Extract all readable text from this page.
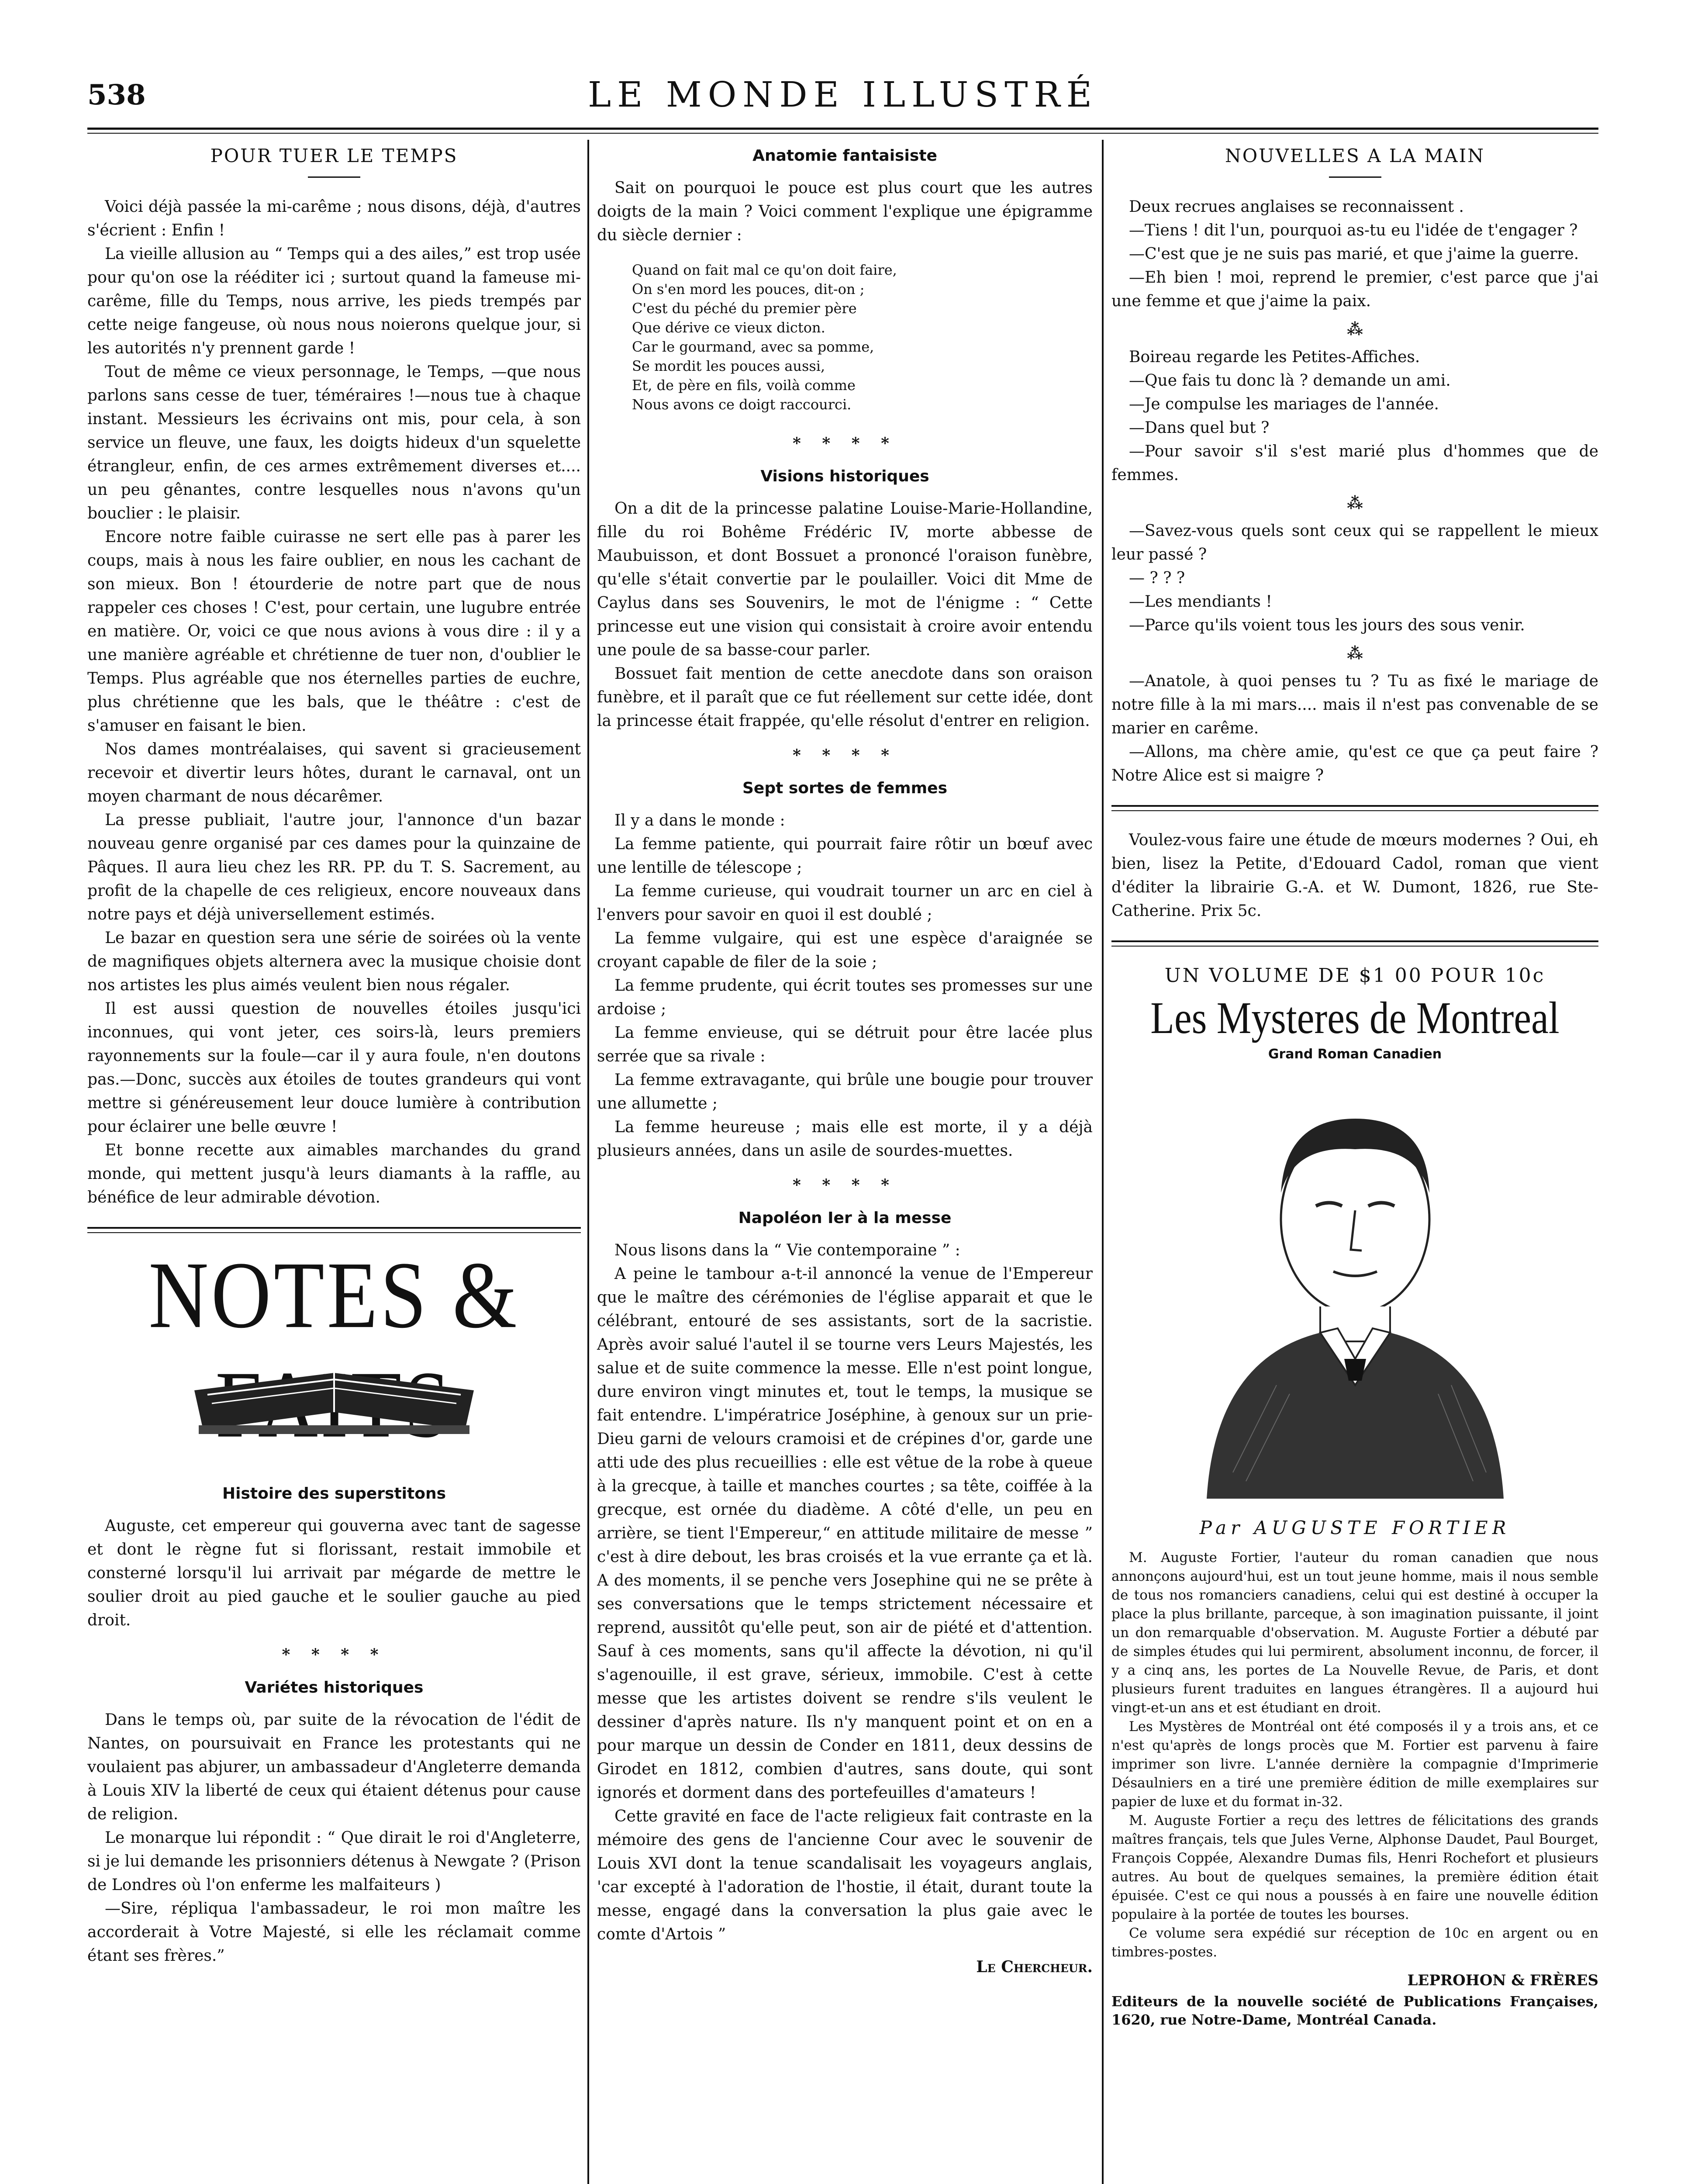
538	LE MONDE ILLUSTRÉ
POUR TUER LE TEMPS

Voici déjà passée la mi-carême ; nous disons, déjà, d'autres s'écrient : Enfin !

La vieille allusion au “ Temps qui a des ailes,” est trop usée pour qu'on ose la rééditer ici ; surtout quand la fameuse mi-carême, fille du Temps, nous arrive, les pieds trempés par cette neige fangeuse, où nous nous noierons quelque jour, si les autorités n'y prennent garde !

Tout de même ce vieux personnage, le Temps, —que nous parlons sans cesse de tuer, téméraires !—nous tue à chaque instant. Messieurs les écrivains ont mis, pour cela, à son service un fleuve, une faux, les doigts hideux d'un squelette étrangleur, enfin, de ces armes extrêmement diverses et.... un peu gênantes, contre lesquelles nous n'avons qu'un bouclier : le plaisir.

Encore notre faible cuirasse ne sert elle pas à parer les coups, mais à nous les faire oublier, en nous les cachant de son mieux. Bon ! étourderie de notre part que de nous rappeler ces choses ! C'est, pour certain, une lugubre entrée en matière. Or, voici ce que nous avions à vous dire : il y a une manière agréable et chrétienne de tuer non, d'oublier le Temps. Plus agréable que nos éternelles parties de euchre, plus chrétienne que les bals, que le théâtre : c'est de s'amuser en faisant le bien.

Nos dames montréalaises, qui savent si gracieusement recevoir et divertir leurs hôtes, durant le carnaval, ont un moyen charmant de nous décarêmer.

La presse publiait, l'autre jour, l'annonce d'un bazar nouveau genre organisé par ces dames pour la quinzaine de Pâques. Il aura lieu chez les RR. PP. du T. S. Sacrement, au profit de la chapelle de ces religieux, encore nouveaux dans notre pays et déjà universellement estimés.

Le bazar en question sera une série de soirées où la vente de magnifiques objets alternera avec la musique choisie dont nos artistes les plus aimés veulent bien nous régaler.

Il est aussi question de nouvelles étoiles jusqu'ici inconnues, qui vont jeter, ces soirs-là, leurs premiers rayonnements sur la foule—car il y aura foule, n'en doutons pas.—Donc, succès aux étoiles de toutes grandeurs qui vont mettre si généreusement leur douce lumière à contribution pour éclairer une belle œuvre !

Et bonne recette aux aimables marchandes du grand monde, qui mettent jusqu'à leurs diamants à la raffle, au bénéfice de leur admirable dévotion.

NOTES &
Histoire des superstitons

Auguste, cet empereur qui gouverna avec tant de sagesse et dont le règne fut si florissant, restait immobile et consterné lorsqu'il lui arrivait par mégarde de mettre le soulier droit au pied gauche et le soulier gauche au pied droit.

* * * *
Variétes historiques

Dans le temps où, par suite de la révocation de l'édit de Nantes, on poursuivait en France les protestants qui ne voulaient pas abjurer, un ambassadeur d'Angleterre demanda à Louis XIV la liberté de ceux qui étaient détenus pour cause de religion.

Le monarque lui répondit : “ Que dirait le roi d'Angleterre, si je lui demande les prisonniers détenus à Newgate ? (Prison de Londres où l'on enferme les malfaiteurs )

—Sire, répliqua l'ambassadeur, le roi mon maître les accorderait à Votre Majesté, si elle les réclamait comme étant ses frères.”

Anatomie fantaisiste

Sait on pourquoi le pouce est plus court que les autres doigts de la main ? Voici comment l'explique une épigramme du siècle dernier :

Quand on fait mal ce qu'on doit faire,
On s'en mord les pouces, dit-on ;
C'est du péché du premier père
Que dérive ce vieux dicton.
Car le gourmand, avec sa pomme,
Se mordit les pouces aussi,
Et, de père en fils, voilà comme
Nous avons ce doigt raccourci.
* * * *
Visions historiques

On a dit de la princesse palatine Louise-Marie-Hollandine, fille du roi Bohême Frédéric IV, morte abbesse de Maubuisson, et dont Bossuet a prononcé l'oraison funèbre, qu'elle s'était convertie par le poulailler. Voici dit Mme de Caylus dans ses Souvenirs, le mot de l'énigme : “ Cette princesse eut une vision qui consistait à croire avoir entendu une poule de sa basse-cour parler.

Bossuet fait mention de cette anecdote dans son oraison funèbre, et il paraît que ce fut réellement sur cette idée, dont la princesse était frappée, qu'elle résolut d'entrer en religion.

* * * *
Sept sortes de femmes

Il y a dans le monde :

La femme patiente, qui pourrait faire rôtir un bœuf avec une lentille de télescope ;

La femme curieuse, qui voudrait tourner un arc en ciel à l'envers pour savoir en quoi il est doublé ;

La femme vulgaire, qui est une espèce d'araignée se croyant capable de filer de la soie ;

La femme prudente, qui écrit toutes ses promesses sur une ardoise ;

La femme envieuse, qui se détruit pour être lacée plus serrée que sa rivale :

La femme extravagante, qui brûle une bougie pour trouver une allumette ;

La femme heureuse ; mais elle est morte, il y a déjà plusieurs années, dans un asile de sourdes-muettes.

* * * *
Napoléon Ier à la messe

Nous lisons dans la “ Vie contemporaine ” :

A peine le tambour a-t-il annoncé la venue de l'Empereur que le maître des cérémonies de l'église apparait et que le célébrant, entouré de ses assistants, sort de la sacristie. Après avoir salué l'autel il se tourne vers Leurs Majestés, les salue et de suite commence la messe. Elle n'est point longue, dure environ vingt minutes et, tout le temps, la musique se fait entendre. L'impératrice Joséphine, à genoux sur un prie-Dieu garni de velours cramoisi et de crépines d'or, garde une atti ude des plus recueillies : elle est vêtue de la robe à queue à la grecque, à taille et manches courtes ; sa tête, coiffée à la grecque, est ornée du diadème. A côté d'elle, un peu en arrière, se tient l'Empereur,“ en attitude militaire de messe ” c'est à dire debout, les bras croisés et la vue errante ça et là. A des moments, il se penche vers Josephine qui ne se prête à ses conversations que le temps strictement nécessaire et reprend, aussitôt qu'elle peut, son air de piété et d'attention. Sauf à ces moments, sans qu'il affecte la dévotion, ni qu'il s'agenouille, il est grave, sérieux, immobile. C'est à cette messe que les artistes doivent se rendre s'ils veulent le dessiner d'après nature. Ils n'y manquent point et on en a pour marque un dessin de Conder en 1811, deux dessins de Girodet en 1812, combien d'autres, sans doute, qui sont ignorés et dorment dans des portefeuilles d'amateurs !

Cette gravité en face de l'acte religieux fait contraste en la mémoire des gens de l'ancienne Cour avec le souvenir de Louis XVI dont la tenue scandalisait les voyageurs anglais, 'car excepté à l'adoration de l'hostie, il était, durant toute la messe, engagé dans la conversation la plus gaie avec le comte d'Artois ”

Le Chercheur.
NOUVELLES A LA MAIN

Deux recrues anglaises se reconnaissent .

—Tiens ! dit l'un, pourquoi as-tu eu l'idée de t'engager ?

—C'est que je ne suis pas marié, et que j'aime la guerre.

—Eh bien ! moi, reprend le premier, c'est parce que j'ai une femme et que j'aime la paix.

⁂

Boireau regarde les Petites-Affiches.

—Que fais tu donc là ? demande un ami.

—Je compulse les mariages de l'année.

—Dans quel but ?

—Pour savoir s'il s'est marié plus d'hommes que de femmes.

⁂

—Savez-vous quels sont ceux qui se rappellent le mieux leur passé ?

— ? ? ?

—Les mendiants !

—Parce qu'ils voient tous les jours des sous venir.

⁂

—Anatole, à quoi penses tu ? Tu as fixé le mariage de notre fille à la mi mars.... mais il n'est pas convenable de se marier en carême.

—Allons, ma chère amie, qu'est ce que ça peut faire ? Notre Alice est si maigre ?

Voulez-vous faire une étude de mœurs modernes ? Oui, eh bien, lisez la Petite, d'Edouard Cadol, roman que vient d'éditer la librairie G.-A. et W. Dumont, 1826, rue Ste-Catherine. Prix 5c.

UN VOLUME DE $1 00 POUR 10c
Les Mysteres de Montreal
Grand Roman Canadien
Par AUGUSTE FORTIER

M. Auguste Fortier, l'auteur du roman canadien que nous annonçons aujourd'hui, est un tout jeune homme, mais il nous semble de tous nos romanciers canadiens, celui qui est destiné à occuper la place la plus brillante, parceque, à son imagination puissante, il joint un don remarquable d'observation. M. Auguste Fortier a débuté par de simples études qui lui permirent, absolument inconnu, de forcer, il y a cinq ans, les portes de La Nouvelle Revue, de Paris, et dont plusieurs furent traduites en langues étrangères. Il a aujourd hui vingt-et-un ans et est étudiant en droit.

Les Mystères de Montréal ont été composés il y a trois ans, et ce n'est qu'après de longs procès que M. Fortier est parvenu à faire imprimer son livre. L'année dernière la compagnie d'Imprimerie Désaulniers en a tiré une première édition de mille exemplaires sur papier de luxe et du format in-32.

M. Auguste Fortier a reçu des lettres de félicitations des grands maîtres français, tels que Jules Verne, Alphonse Daudet, Paul Bourget, François Coppée, Alexandre Dumas fils, Henri Rochefort et plusieurs autres. Au bout de quelques semaines, la première édition était épuisée. C'est ce qui nous a poussés à en faire une nouvelle édition populaire à la portée de toutes les bourses.

Ce volume sera expédié sur réception de 10c en argent ou en timbres-postes.

LEPROHON & FRÈRES

Editeurs de la nouvelle société de Publications Françaises, 1620, rue Notre-Dame, Montréal Canada.
